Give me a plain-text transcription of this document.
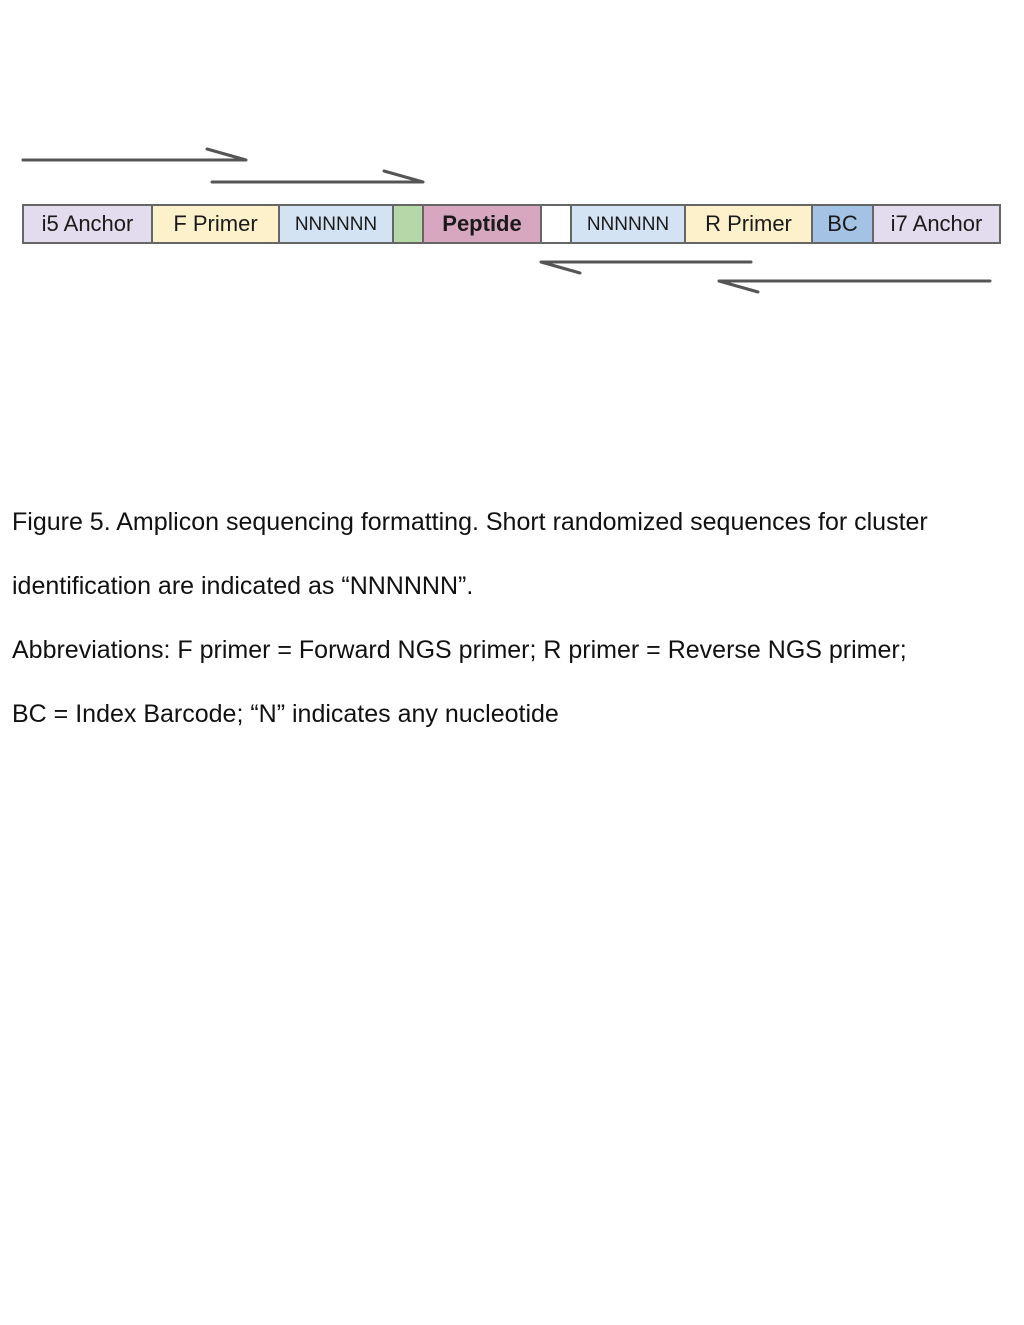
i5 Anchor F Primer NNNNNN	Peptide	NNNNNN R Primer BC i7 Anchor

Figure 5. Amplicon sequencing formatting. Short randomized sequences for cluster

identification are indicated as “NNNNNN”.

Abbreviations: F primer = Forward NGS primer; R primer = Reverse NGS primer;

BC = Index Barcode; “N” indicates any nucleotide
